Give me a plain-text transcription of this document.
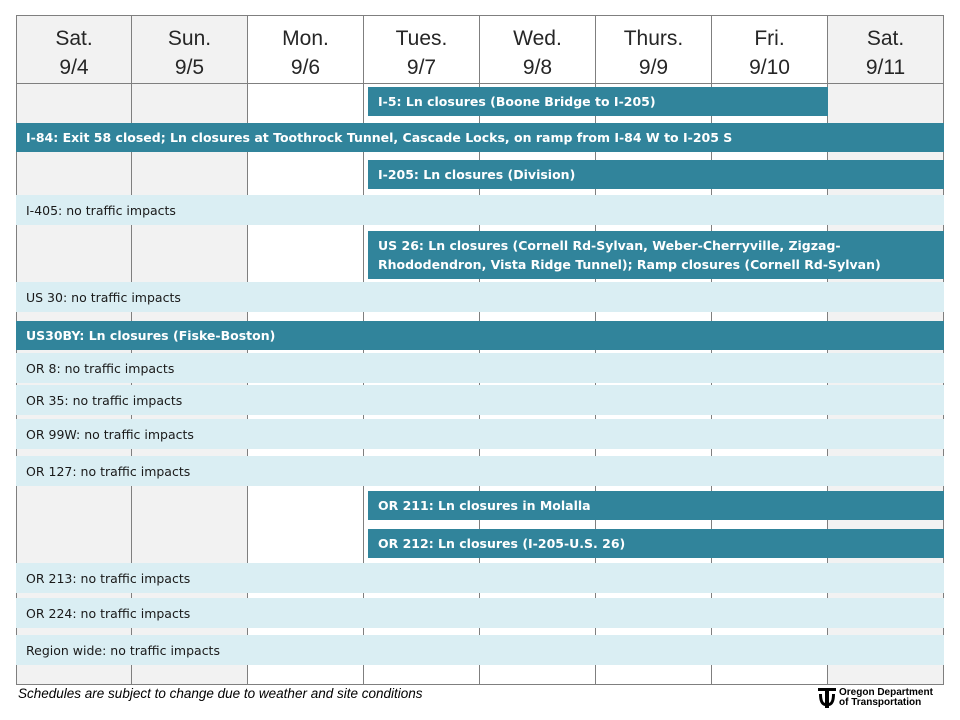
Sat.
9/4
Sun.
9/5
Mon.
9/6
Tues.
9/7
Wed.
9/8
Thurs.
9/9
Fri.
9/10
Sat.
9/11
I-5: Ln closures (Boone Bridge to I-205)
I-84: Exit 58 closed; Ln closures at Toothrock Tunnel, Cascade Locks, on ramp from I-84 W to I-205 S
I-205: Ln closures (Division)
I-405: no traffic impacts
US 26: Ln closures (Cornell Rd-Sylvan, Weber-Cherryville, Zigzag-Rhododendron, Vista Ridge Tunnel); Ramp closures (Cornell Rd-Sylvan)
US 30: no traffic impacts
US30BY: Ln closures (Fiske-Boston)
OR 8: no traffic impacts
OR 35: no traffic impacts
OR 99W: no traffic impacts
OR 127: no traffic impacts
OR 211: Ln closures in Molalla
OR 212: Ln closures (I-205-U.S. 26)
OR 213: no traffic impacts
OR 224: no traffic impacts
Region wide: no traffic impacts
Schedules are subject to change due to weather and site conditions	Oregon Department
of Transportation
